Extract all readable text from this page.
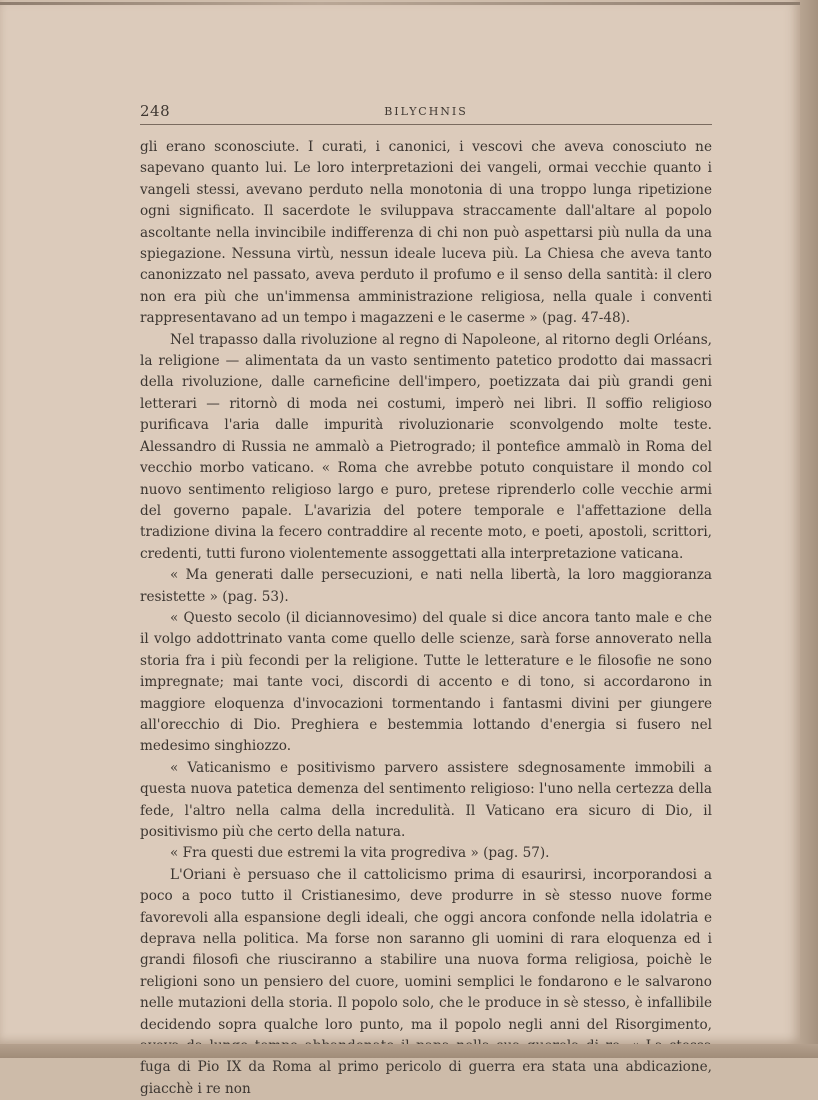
248	BILYCHNIS

gli erano sconosciute. I curati, i canonici, i vescovi che aveva conosciuto ne sapevano quanto lui. Le loro interpretazioni dei vangeli, ormai vecchie quanto i vangeli stessi, avevano perduto nella monotonia di una troppo lunga ripetizione ogni significato. Il sacerdote le sviluppava straccamente dall'altare al popolo ascoltante nella invincibile indifferenza di chi non può aspettarsi più nulla da una spiegazione. Nessuna virtù, nessun ideale luceva più. La Chiesa che aveva tanto canonizzato nel passato, aveva perduto il profumo e il senso della santità: il clero non era più che un'immensa amministrazione religiosa, nella quale i conventi rappresentavano ad un tempo i magazzeni e le caserme » (pag. 47-48).

Nel trapasso dalla rivoluzione al regno di Napoleone, al ritorno degli Orléans, la religione — alimentata da un vasto sentimento patetico prodotto dai massacri della rivoluzione, dalle carneficine dell'impero, poetizzata dai più grandi geni letterari — ritornò di moda nei costumi, imperò nei libri. Il soffio religioso purificava l'aria dalle impurità rivoluzionarie sconvolgendo molte teste. Alessandro di Russia ne ammalò a Pietrogrado; il pontefice ammalò in Roma del vecchio morbo vaticano. « Roma che avrebbe potuto conquistare il mondo col nuovo sentimento religioso largo e puro, pretese riprenderlo colle vecchie armi del governo papale. L'avarizia del potere temporale e l'affettazione della tradizione divina la fecero contraddire al recente moto, e poeti, apostoli, scrittori, credenti, tutti furono violentemente assoggettati alla interpretazione vaticana.

« Ma generati dalle persecuzioni, e nati nella libertà, la loro maggioranza resistette » (pag. 53).

« Questo secolo (il diciannovesimo) del quale si dice ancora tanto male e che il volgo addottrinato vanta come quello delle scienze, sarà forse annoverato nella storia fra i più fecondi per la religione. Tutte le letterature e le filosofie ne sono impregnate; mai tante voci, discordi di accento e di tono, si accordarono in maggiore eloquenza d'invocazioni tormentando i fantasmi divini per giungere all'orecchio di Dio. Preghiera e bestemmia lottando d'energia si fusero nel medesimo singhiozzo.

« Vaticanismo e positivismo parvero assistere sdegnosamente immobili a questa nuova patetica demenza del sentimento religioso: l'uno nella certezza della fede, l'altro nella calma della incredulità. Il Vaticano era sicuro di Dio, il positivismo più che certo della natura.

« Fra questi due estremi la vita progrediva » (pag. 57).

L'Oriani è persuaso che il cattolicismo prima di esaurirsi, incorporandosi a poco a poco tutto il Cristianesimo, deve produrre in sè stesso nuove forme favorevoli alla espansione degli ideali, che oggi ancora confonde nella idolatria e deprava nella politica. Ma forse non saranno gli uomini di rara eloquenza ed i grandi filosofi che riusciranno a stabilire una nuova forma religiosa, poichè le religioni sono un pensiero del cuore, uomini semplici le fondarono e le salvarono nelle mutazioni della storia. Il popolo solo, che le produce in sè stesso, è infallibile decidendo sopra qualche loro punto, ma il popolo negli anni del Risorgimento, aveva da lungo tempo abbandonato il papa nella sua querela di re. « La stessa fuga di Pio IX da Roma al primo pericolo di guerra era stata una abdicazione,
